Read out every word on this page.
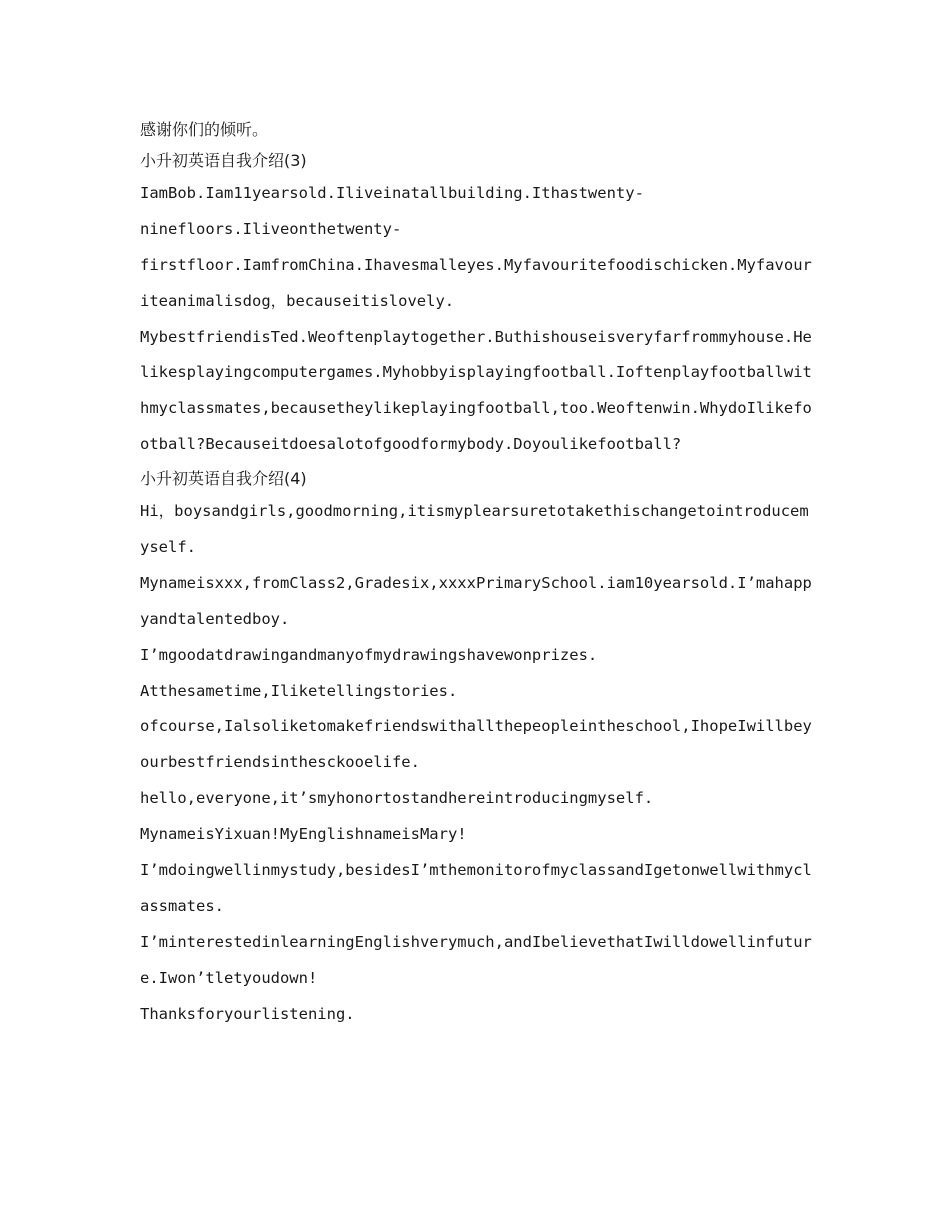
感谢你们的倾听。
小升初英语自我介绍(3)
IamBob.Iam11yearsold.Iliveinatallbuilding.Ithastwenty-
ninefloors.Iliveonthetwenty-
firstfloor.IamfromChina.Ihavesmalleyes.Myfavouritefoodischicken.Myfavour
iteanimalisdog，becauseitislovely.
MybestfriendisTed.Weoftenplaytogether.Buthishouseisveryfarfrommyhouse.He
likesplayingcomputergames.Myhobbyisplayingfootball.Ioftenplayfootballwit
hmyclassmates,becausetheylikeplayingfootball,too.Weoftenwin.WhydoIlikefo
otball?Becauseitdoesalotofgoodformybody.Doyoulikefootball?
小升初英语自我介绍(4)
Hi，boysandgirls,goodmorning,itismyplearsuretotakethischangetointroducem
yself.
Mynameisxxx,fromClass2,Gradesix,xxxxPrimarySchool.iam10yearsold.I’mahapp
yandtalentedboy.
I’mgoodatdrawingandmanyofmydrawingshavewonprizes.
Atthesametime,Iliketellingstories.
ofcourse,Ialsoliketomakefriendswithallthepeopleintheschool,IhopeIwillbey
ourbestfriendsinthesckooelife.
hello,everyone,it’smyhonortostandhereintroducingmyself.
MynameisYixuan!MyEnglishnameisMary!
I’mdoingwellinmystudy,besidesI’mthemonitorofmyclassandIgetonwellwithmycl
assmates.
I’minterestedinlearningEnglishverymuch,andIbelievethatIwilldowellinfutur
e.Iwon’tletyoudown!
Thanksforyourlistening.
